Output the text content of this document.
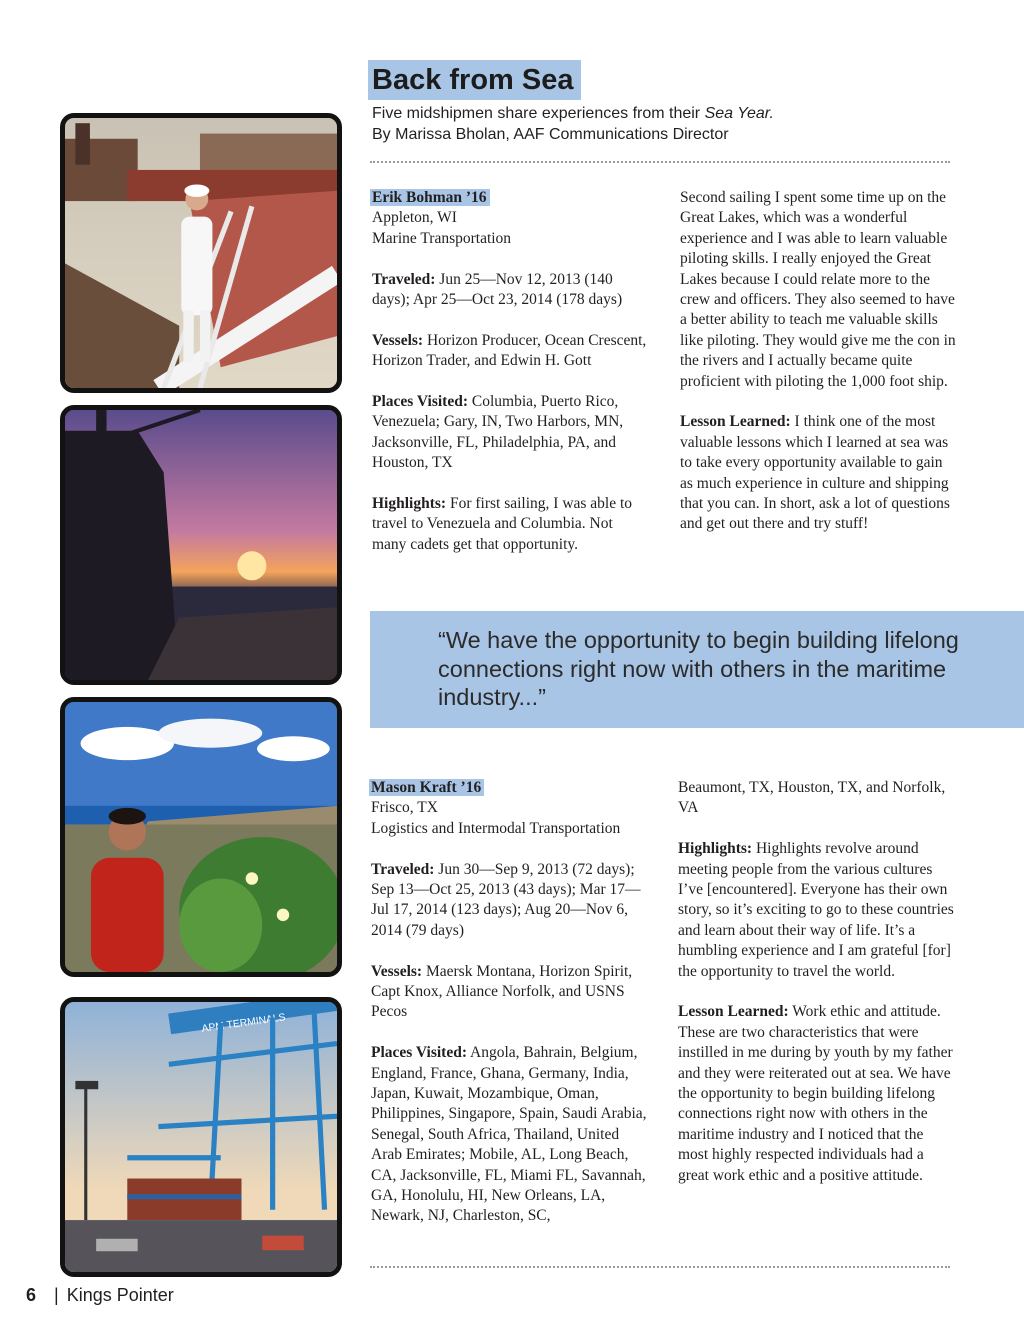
Back from Sea
Five midshipmen share experiences from their Sea Year.
By Marissa Bholan, AAF Communications Director
APM TERMINALS

Erik Bohman ’16
Appleton, WI
Marine Transportation

Traveled: Jun 25—Nov 12, 2013 (140 days); Apr 25—Oct 23, 2014 (178 days)

Vessels: Horizon Producer, Ocean Crescent, Horizon Trader, and Edwin H. Gott

Places Visited: Columbia, Puerto Rico, Venezuela; Gary, IN, Two Harbors, MN, Jacksonville, FL, Philadelphia, PA, and Houston, TX

Highlights: For first sailing, I was able to travel to Venezuela and Columbia. Not many cadets get that opportunity.

Second sailing I spent some time up on the Great Lakes, which was a wonderful experience and I was able to learn valuable piloting skills. I really enjoyed the Great Lakes because I could relate more to the crew and officers. They also seemed to have a better ability to teach me valuable skills like piloting. They would give me the con in the rivers and I actually became quite proficient with piloting the 1,000 foot ship.

Lesson Learned: I think one of the most valuable lessons which I learned at sea was to take every opportunity available to gain as much experience in culture and shipping that you can. In short, ask a lot of questions and get out there and try stuff!

“We have the opportunity to begin building lifelong connections right now with others in the maritime industry...”

Mason Kraft ’16
Frisco, TX
Logistics and Intermodal Transportation

Traveled: Jun 30—Sep 9, 2013 (72 days); Sep 13—Oct 25, 2013 (43 days); Mar 17—Jul 17, 2014 (123 days); Aug 20—Nov 6, 2014 (79 days)

Vessels: Maersk Montana, Horizon Spirit, Capt Knox, Alliance Norfolk, and USNS Pecos

Places Visited: Angola, Bahrain, Belgium, England, France, Ghana, Germany, India, Japan, Kuwait, Mozambique, Oman, Philippines, Singapore, Spain, Saudi Arabia, Senegal, South Africa, Thailand, United Arab Emirates; Mobile, AL, Long Beach, CA, Jacksonville, FL, Miami FL, Savannah, GA, Honolulu, HI, New Orleans, LA, Newark, NJ, Charleston, SC,

Beaumont, TX, Houston, TX, and Norfolk, VA

Highlights: Highlights revolve around meeting people from the various cultures I’ve [encountered]. Everyone has their own story, so it’s exciting to go to these countries and learn about their way of life. It’s a humbling experience and I am grateful [for] the opportunity to travel the world.

Lesson Learned: Work ethic and attitude. These are two characteristics that were instilled in me during by youth by my father and they were reiterated out at sea. We have the opportunity to begin building lifelong connections right now with others in the maritime industry and I noticed that the most highly respected individuals had a great work ethic and a positive attitude.

6 | Kings Pointer
